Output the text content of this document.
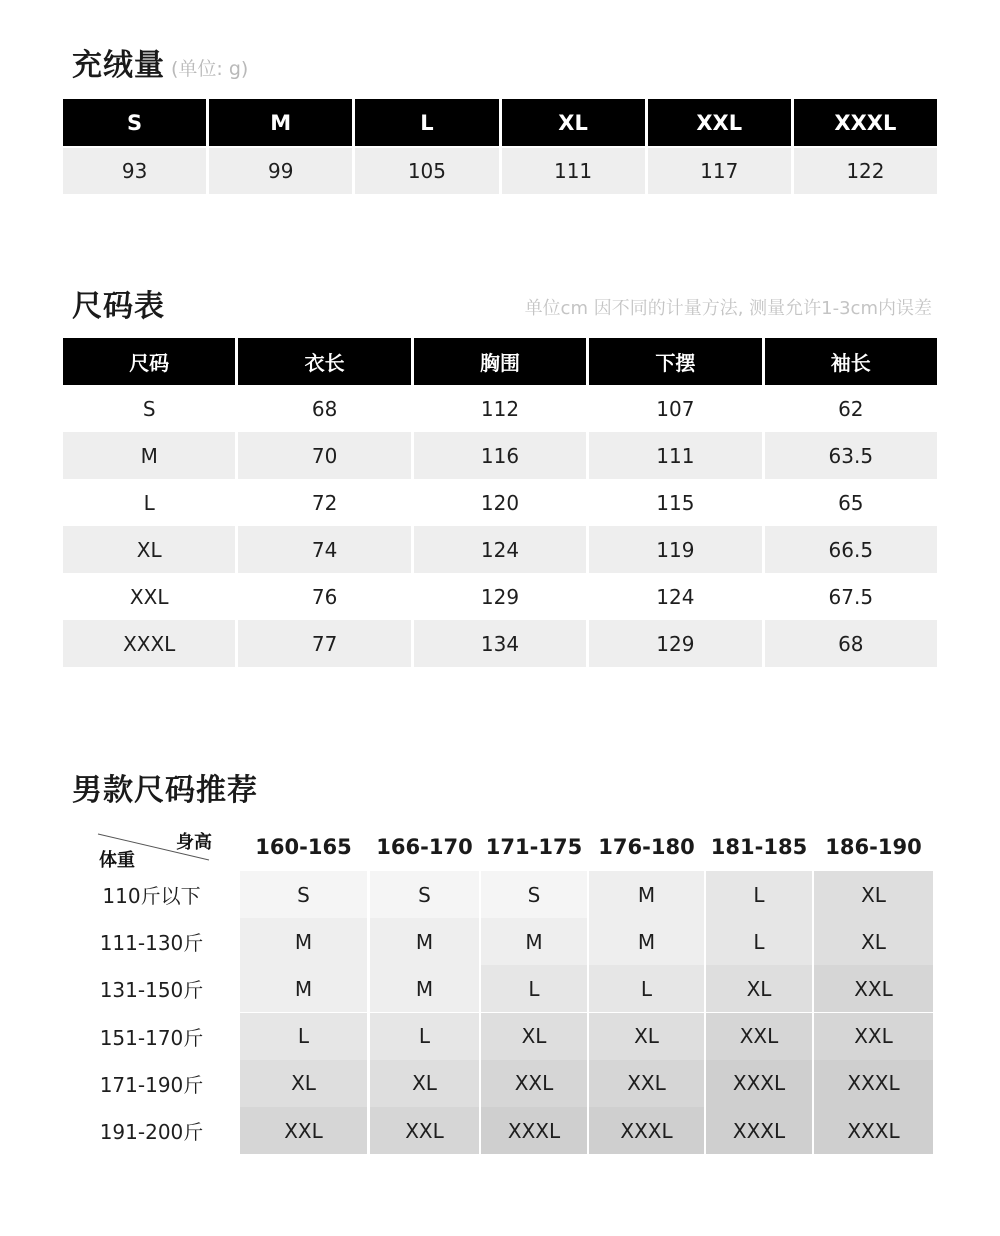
充绒量 (单位: g)
S	M	L	XL	XXL	XXXL
93	99	105	111	117	122
尺码表	单位cm 因不同的计量方法, 测量允许1-3cm内误差
尺码	衣长	胸围	下摆	袖长
S	68	112	107	62
M	70	116	111	63.5
L	72	120	115	65
XL	74	124	119	66.5
XXL	76	129	124	67.5
XXXL	77	134	129	68
男款尺码推荐
身高
体重
160-165	166-170 171-175 176-180 181-185 186-190
110斤以下	S	S	S	M	L	XL
111-130斤	M	M	M	M	L	XL
131-150斤	M	M	L	L	XL	XXL
151-170斤	L	L	XL	XL	XXL	XXL
171-190斤	XL	XL	XXL	XXL	XXXL	XXXL
191-200斤	XXL	XXL	XXXL	XXXL	XXXL	XXXL
